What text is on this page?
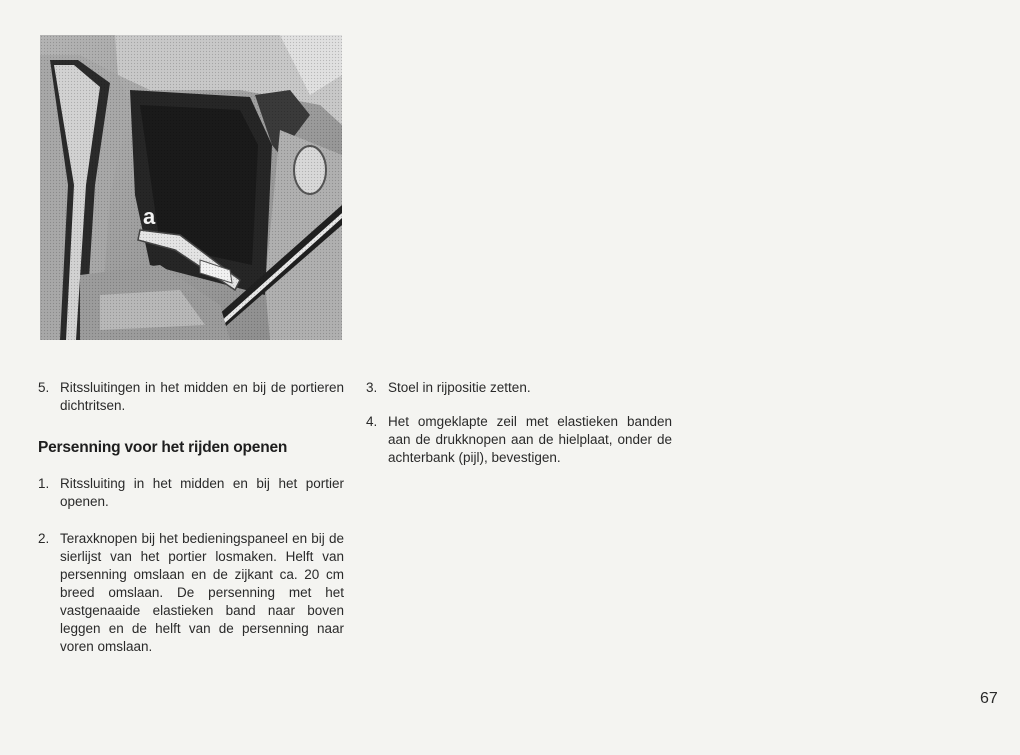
a
5. Ritssluitingen in het midden en bij de portieren dichtritsen.
Persenning voor het rijden openen
1. Ritssluiting in het midden en bij het portier openen.
2. Teraxknopen bij het bedieningspaneel en bij de sierlijst van het portier losmaken. Helft van persenning omslaan en de zijkant ca. 20 cm breed omslaan. De persenning met het vastgenaaide elastieken band naar boven leggen en de helft van de persenning naar voren omslaan.
3. Stoel in rijpositie zetten.
4. Het omgeklapte zeil met elastieken banden aan de drukknopen aan de hielplaat, onder de achterbank (pijl), bevestigen.
67
